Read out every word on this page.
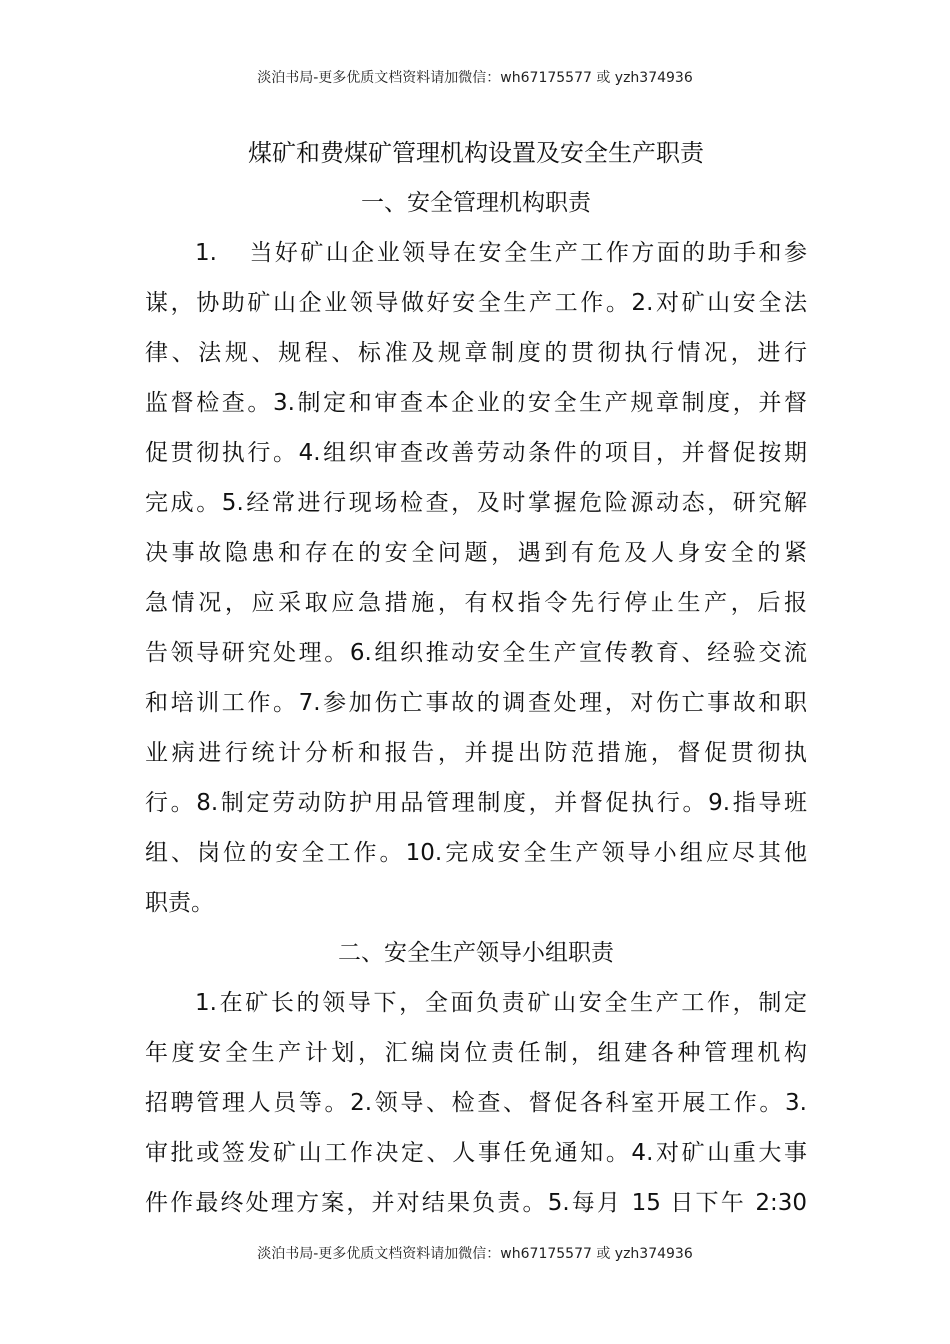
淡泊书局-更多优质文档资料请加微信：wh67175577 或 yzh374936
煤矿和费煤矿管理机构设置及安全生产职责
一、安全管理机构职责
1. 当好矿山企业领导在安全生产工作方面的助手和参
谋，协助矿山企业领导做好安全生产工作。2.对矿山安全法
律、法规、规程、标准及规章制度的贯彻执行情况，进行
监督检查。3.制定和审查本企业的安全生产规章制度，并督
促贯彻执行。4.组织审查改善劳动条件的项目，并督促按期
完成。5.经常进行现场检查，及时掌握危险源动态，研究解
决事故隐患和存在的安全问题，遇到有危及人身安全的紧
急情况，应采取应急措施，有权指令先行停止生产，后报
告领导研究处理。6.组织推动安全生产宣传教育、经验交流
和培训工作。7.参加伤亡事故的调查处理，对伤亡事故和职
业病进行统计分析和报告，并提出防范措施，督促贯彻执
行。8.制定劳动防护用品管理制度，并督促执行。9.指导班
组、岗位的安全工作。10.完成安全生产领导小组应尽其他
职责。
二、安全生产领导小组职责
1.在矿长的领导下，全面负责矿山安全生产工作，制定
年度安全生产计划，汇编岗位责任制，组建各种管理机构
招聘管理人员等。2.领导、检查、督促各科室开展工作。3.
审批或签发矿山工作决定、人事任免通知。4.对矿山重大事
件作最终处理方案，并对结果负责。5.每月 15 日下午 2:30
淡泊书局-更多优质文档资料请加微信：wh67175577 或 yzh374936
